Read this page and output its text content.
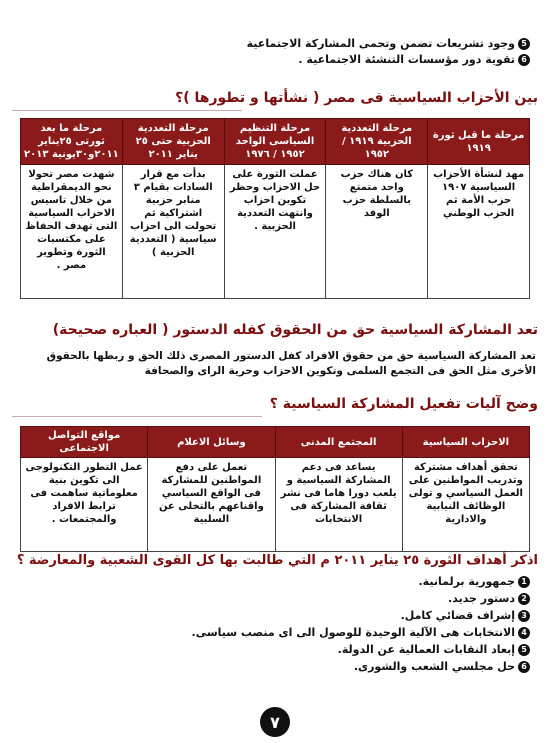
5
وجود تشريعات تضمن وتحمى المشاركة الاجتماعية
6
تقوية دور مؤسسات التنشئة الاجتماعية .
بين الأحزاب السياسية فى مصر ( نشأتها و تطورها )؟
مرحلة ما قبل ثورة ١٩١٩	مرحلة التعددية الحزبية ١٩١٩ / ١٩٥٢	مرحلة التنظيم السياسى الواحد ١٩٥٢ / ١٩٧٦	مرحلة التعددية الحزبية حتى ٢٥ يناير ٢٠١١	مرحلة ما بعد ثورتى ٢٥يناير ٢٠١١و٣٠يونية ٢٠١٣
مهد لنشأة الأحزاب السياسية ١٩٠٧ حزب الأمة ثم الحزب الوطني	كان هناك حزب واحد متمتع بالسلطة حزب الوفد	عملت الثورة على حل الاحزاب وحظر تكوين احزاب وانتهت التعددية الحزبية .	بدأت مع قرار السادات بقيام ٣ منابر حزبية اشتراكية ثم تحولت الى احزاب سياسية ( التعددية الحزبية )	شهدت مصر تحولا نحو الديمقراطية من خلال تاسيس الاحزاب السياسية التى تهدف الحفاظ على مكتسبات الثورة وتطوير مصر .
تعد المشاركة السياسية حق من الحقوق كفله الدستور ( العباره صحيحة)
تعد المشاركة السياسية حق من حقوق الافراد كفل الدستور المصرى ذلك الحق و ربطها بالحقوق الأخرى مثل الحق فى التجمع السلمى وتكوين الاحزاب وحرية الراى والصحافة
وضح آليات تفعيل المشاركة السياسية ؟
الاحزاب السياسية	المجتمع المدنى	وسائل الاعلام	مواقع التواصل الاجتماعى
تحقق أهداف مشتركة وتدريب المواطنين على العمل السياسي و تولى الوظائف النيابية والادارية	يساعد فى دعم المشاركة السياسية و يلعب دورا هاما فى نشر ثقافة المشاركة فى الانتخابات	تعمل على دفع المواطنين للمشاركة فى الواقع السياسي واقناعهم بالتخلى عن السلبية	عمل التطور التكنولوجى الى تكوين بنية معلوماتية ساهمت فى ترابط الافراد والمجتمعات .
اذكر أهداف الثورة ٢٥ يناير ٢٠١١ م التي طالبت بها كل القوى الشعبية والمعارضة ؟
1
جمهورية برلمانية.
2
دستور جديد.
3
إشراف قضائي كامل.
4
الانتخابات هى الآلية الوحيدة للوصول الى اى منصب سياسى.
5
إبعاد النقابات العمالية عن الدولة.
6
حل مجلسي الشعب والشورى.
٧
